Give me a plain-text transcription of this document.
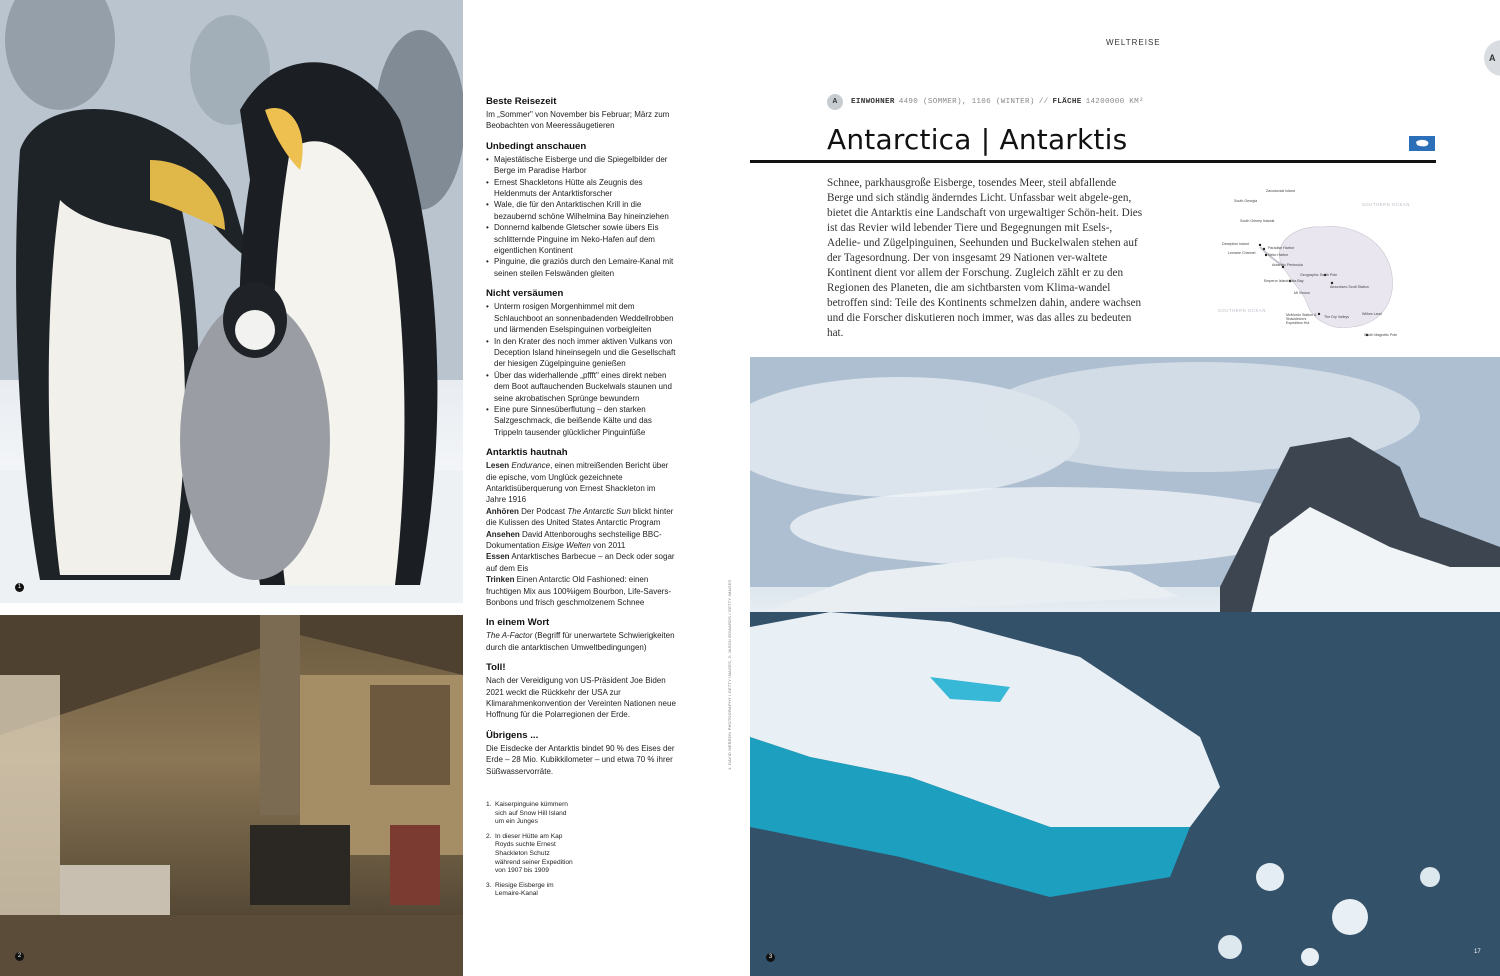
1
2
Beste Reisezeit
Im „Sommer" von November bis Februar; März zum Beobachten von Meeressäugetieren
Unbedingt anschauen
• Majestätische Eisberge und die Spiegelbilder der Berge im Paradise Harbor
• Ernest Shackletons Hütte als Zeugnis des Heldenmuts der Antarktisforscher
• Wale, die für den Antarktischen Krill in die bezaubernd schöne Wilhelmina Bay hineinziehen
• Donnernd kalbende Gletscher sowie übers Eis schlitternde Pinguine im Neko-Hafen auf dem eigentlichen Kontinent
• Pinguine, die graziös durch den Lemaire-Kanal mit seinen steilen Felswänden gleiten
Nicht versäumen
• Unterm rosigen Morgenhimmel mit dem Schlauchboot an sonnenbadenden Weddellrobben und lärmenden Eselspinguinen vorbeigleiten
• In den Krater des noch immer aktiven Vulkans von Deception Island hineinsegeln und die Gesellschaft der hiesigen Zügelpinguine genießen
• Über das widerhallende „pffft" eines direkt neben dem Boot auftauchenden Buckelwals staunen und seine akrobatischen Sprünge bewundern
• Eine pure Sinnesüberflutung – den starken Salzgeschmack, die beißende Kälte und das Trippeln tausender glücklicher Pinguinfüße
Antarktis hautnah
Lesen Endurance, einen mitreißenden Bericht über die epische, vom Unglück gezeichnete Antarktisüberquerung von Ernest Shackleton im Jahre 1916
Anhören Der Podcast The Antarctic Sun blickt hinter die Kulissen des United States Antarctic Program
Ansehen David Attenboroughs sechsteilige BBC-Dokumentation Eisige Welten von 2011
Essen Antarktisches Barbecue – an Deck oder sogar auf dem Eis
Trinken Einen Antarctic Old Fashioned: einen fruchtigen Mix aus 100%igem Bourbon, Life-Savers-Bonbons und frisch geschmolzenem Schnee
In einem Wort
The A-Factor (Begriff für unerwartete Schwierigkeiten durch die antarktischen Umweltbedingungen)
Toll!
Nach der Vereidigung von US-Präsident Joe Biden 2021 weckt die Rückkehr der USA zur Klimarahmenkonvention der Vereinten Nationen neue Hoffnung für die Polarregionen der Erde.
Übrigens ...
Die Eisdecke der Antarktis bindet 90 % des Eises der Erde – 28 Mio. Kubikkilometer – und etwa 70 % ihrer Süßwasservorräte.
1. Kaiserpinguine kümmern sich auf Snow Hill Island um ein Junges
2. In dieser Hütte am Kap Royds suchte Ernest Shackleton Schutz während seiner Expedition von 1907 bis 1909
3. Riesige Eisberge im Lemaire-Kanal
1: DAVID MERRON PHOTOGRAPHY / GETTY IMAGES, 2: JASON EDWARDS / GETTY IMAGES
WELTREISE
A
A	EINWOHNER 4490 (SOMMER), 1106 (WINTER) // FLÄCHE 14200000 KM²
Antarctica | Antarktis
Schnee, parkhausgroße Eisberge, tosendes Meer, steil abfallende Berge und sich ständig änderndes Licht. Unfassbar weit abgele-gen, bietet die Antarktis eine Landschaft von urgewaltiger Schön-heit. Dies ist das Revier wild lebender Tiere und Begegnungen mit Esels-, Adelie- und Zügelpinguinen, Seehunden und Buckelwalen stehen auf der Tagesordnung. Der von insgesamt 29 Nationen ver-waltete Kontinent dient vor allem der Forschung. Zugleich zählt er zu den Regionen des Planeten, die am sichtbarsten vom Klima-wandel betroffen sind: Teile des Kontinents schmelzen dahin, andere wachsen und die Forscher diskutieren noch immer, was das alles zu bedeuten hat.
Zavodovski Island
South Georgia
South Orkney Islands
Deception Island
Paradise Harbor
Lemaire Channel	Neko Harbor
Antarctic Peninsula
Geographic South Pole
Amundsen-Scott Station
Emperor Island Atka Bay
Mt Vinson
McMurdo Station & Shackleton's Expedition Hut
The Dry Valleys
Wilkes Land
South Magnetic Pole
SOUTHERN OCEAN
SOUTHERN OCEAN
3
17
